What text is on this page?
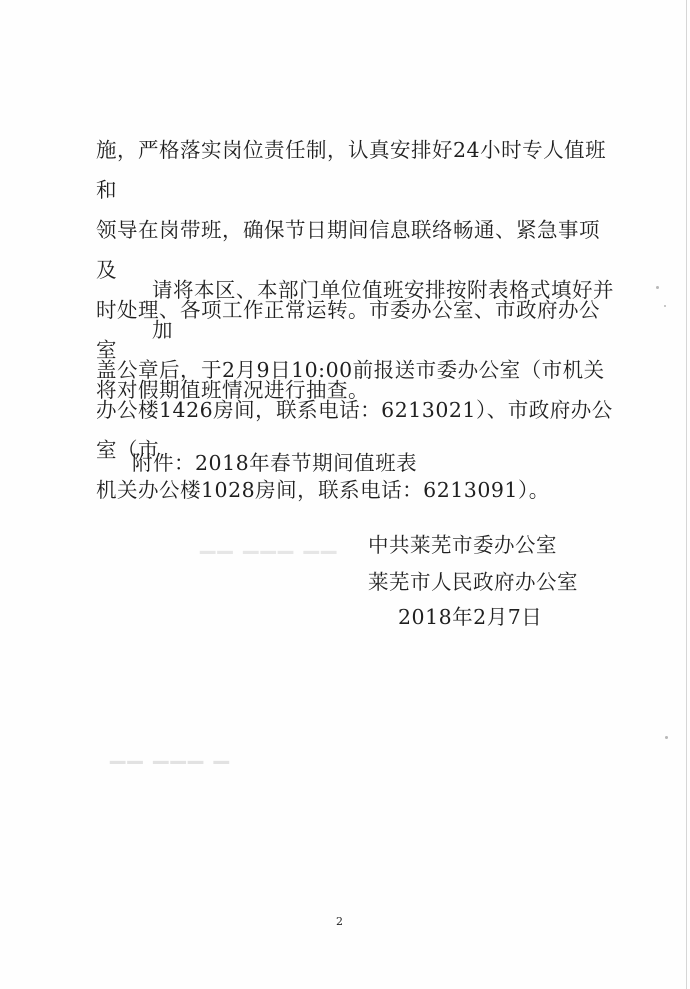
▁▁ ▁▁▁ ▁▁
▁▁ ▁▁▁ ▁
施，严格落实岗位责任制，认真安排好24小时专人值班和
领导在岗带班，确保节日期间信息联络畅通、紧急事项及
时处理、各项工作正常运转。市委办公室、市政府办公室
将对假期值班情况进行抽查。
请将本区、本部门单位值班安排按附表格式填好并加
盖公章后，于2月9日10:00前报送市委办公室（市机关
办公楼1426房间，联系电话：6213021）、市政府办公室（市
机关办公楼1028房间，联系电话：6213091）。
附件：2018年春节期间值班表
中共莱芜市委办公室
莱芜市人民政府办公室
2018年2月7日
2
